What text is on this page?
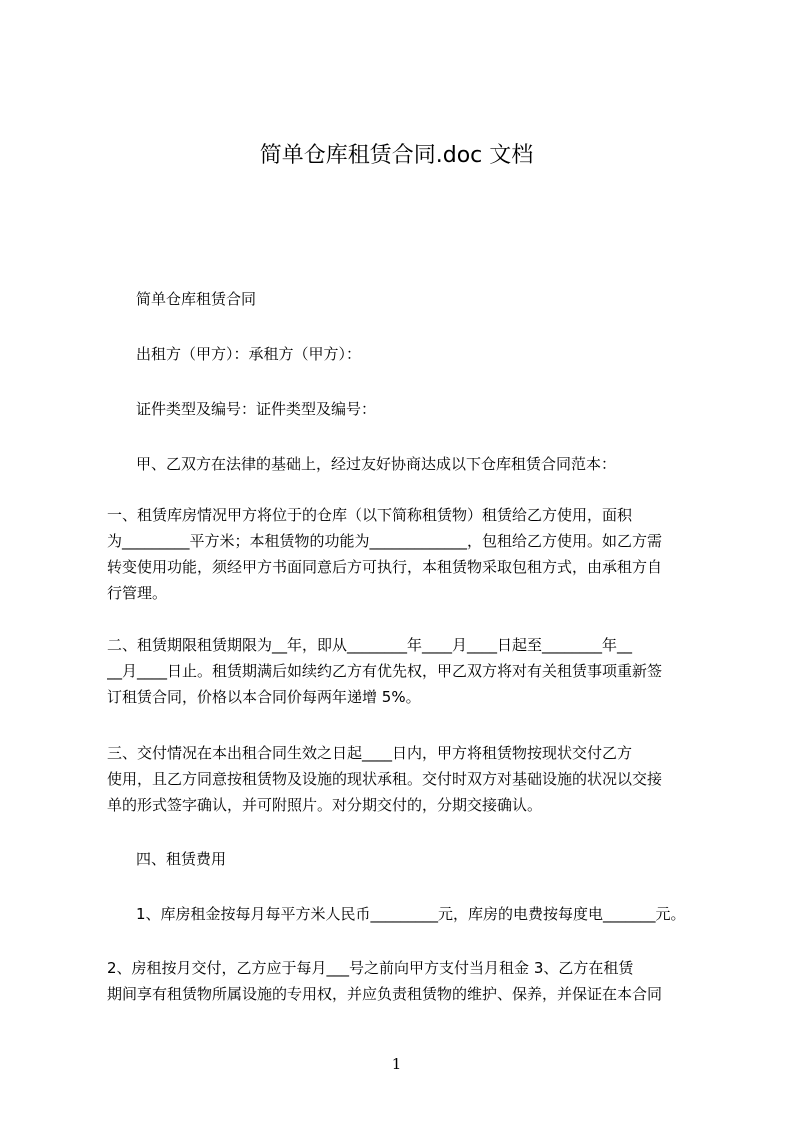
简单仓库租赁合同.doc 文档
简单仓库租赁合同
出租方（甲方）：承租方（甲方）：
证件类型及编号：证件类型及编号：
甲、乙双方在法律的基础上，经过友好协商达成以下仓库租赁合同范本：
一、租赁库房情况甲方将位于的仓库（以下简称租赁物）租赁给乙方使用，面积
为_________平方米；本租赁物的功能为_____________，包租给乙方使用。如乙方需
转变使用功能，须经甲方书面同意后方可执行，本租赁物采取包租方式，由承租方自
行管理。
二、租赁期限租赁期限为__年，即从________年____月____日起至________年__
__月____日止。租赁期满后如续约乙方有优先权，甲乙双方将对有关租赁事项重新签
订租赁合同，价格以本合同价每两年递增 5%。
三、交付情况在本出租合同生效之日起____日内，甲方将租赁物按现状交付乙方
使用，且乙方同意按租赁物及设施的现状承租。交付时双方对基础设施的状况以交接
单的形式签字确认，并可附照片。对分期交付的，分期交接确认。
四、租赁费用
1、库房租金按每月每平方米人民币_________元，库房的电费按每度电_______元。
2、房租按月交付，乙方应于每月___号之前向甲方支付当月租金 3、乙方在租赁
期间享有租赁物所属设施的专用权，并应负责租赁物的维护、保养，并保证在本合同
1
